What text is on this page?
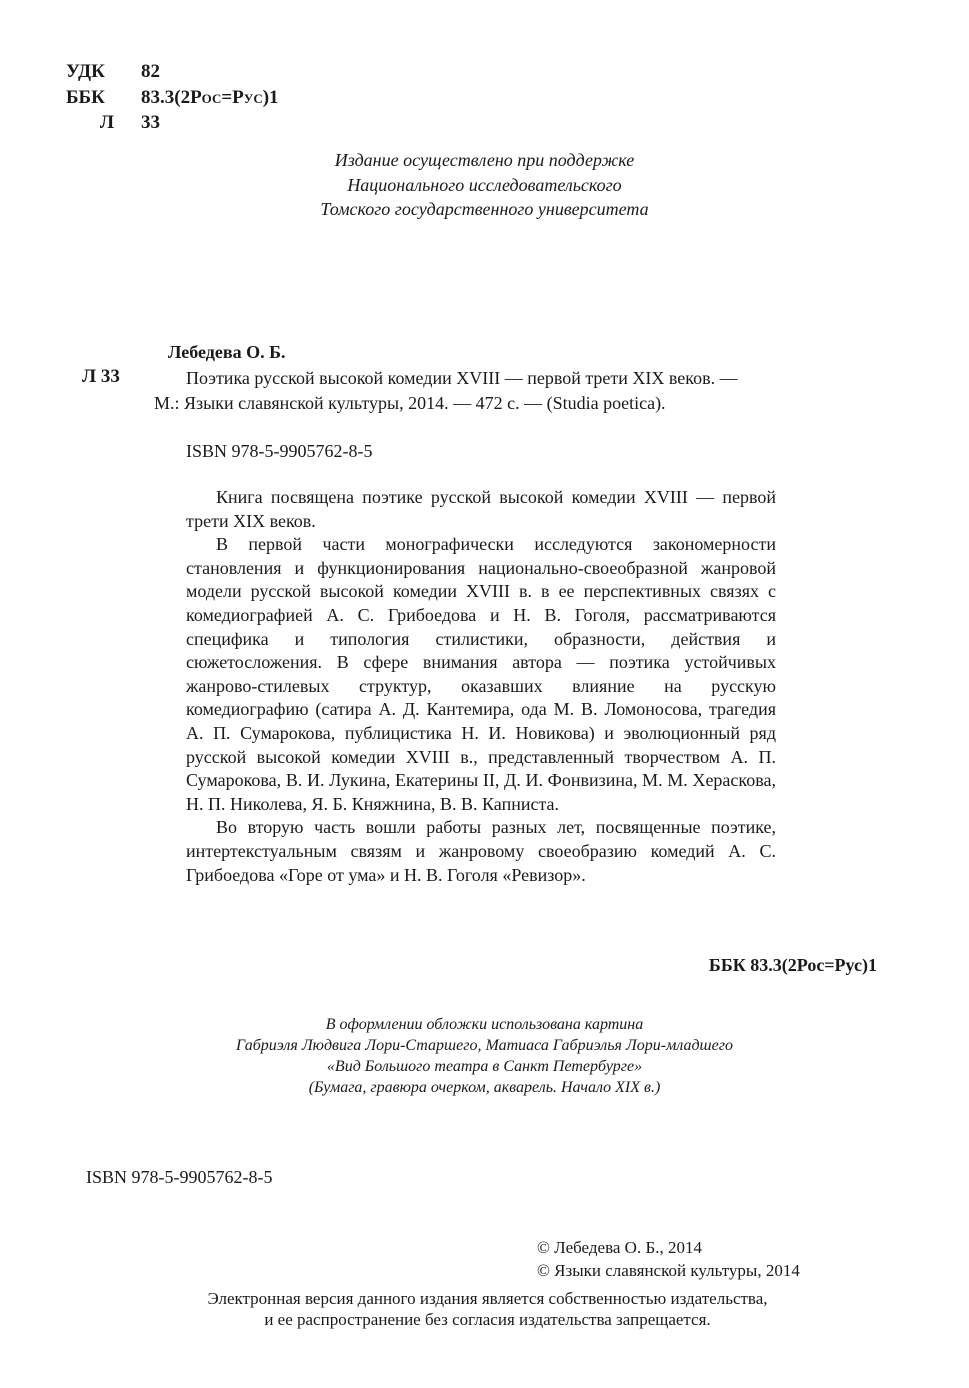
УДК 82
ББК 83.3(2Рос=Рус)1
Л 33
Издание осуществлено при поддержке
Национального исследовательского
Томского государственного университета
Лебедева О. Б.
Л 33	Поэтика русской высокой комедии XVIII — первой трети XIX веков. —
М.: Языки славянской культуры, 2014. — 472 с. — (Studia poetica).
ISBN 978-5-9905762-8-5

Книга посвящена поэтике русской высокой комедии XVIII — первой трети XIX веков.

В первой части монографически исследуются закономерности становления и функционирования национально-своеобразной жанровой модели русской высокой комедии XVIII в. в ее перспективных связях с комедиографией А. С. Грибоедова и Н. В. Гоголя, рассматриваются специфика и типология стилистики, образности, действия и сюжетосложения. В сфере внимания автора — поэтика устойчивых жанрово-стилевых структур, оказавших влияние на русскую комедиографию (сатира А. Д. Кантемира, ода М. В. Ломоносова, трагедия А. П. Сумарокова, публицистика Н. И. Новикова) и эволюционный ряд русской высокой комедии XVIII в., представленный творчеством А. П. Сумарокова, В. И. Лукина, Екатерины II, Д. И. Фонвизина, М. М. Хераскова, Н. П. Николева, Я. Б. Княжнина, В. В. Капниста.

Во вторую часть вошли работы разных лет, посвященные поэтике, интертекстуальным связям и жанровому своеобразию комедий А. С. Грибоедова «Горе от ума» и Н. В. Гоголя «Ревизор».

ББК 83.3(2Рос=Рус)1
В оформлении обложки использована картина
Габриэля Людвига Лори-Старшего, Матиаса Габриэлья Лори-младшего
«Вид Большого театра в Санкт Петербурге»
(Бумага, гравюра очерком, акварель. Начало XIX в.)
ISBN 978-5-9905762-8-5
© Лебедева О. Б., 2014
© Языки славянской культуры, 2014
Электронная версия данного издания является собственностью издательства,
и ее распространение без согласия издательства запрещается.
